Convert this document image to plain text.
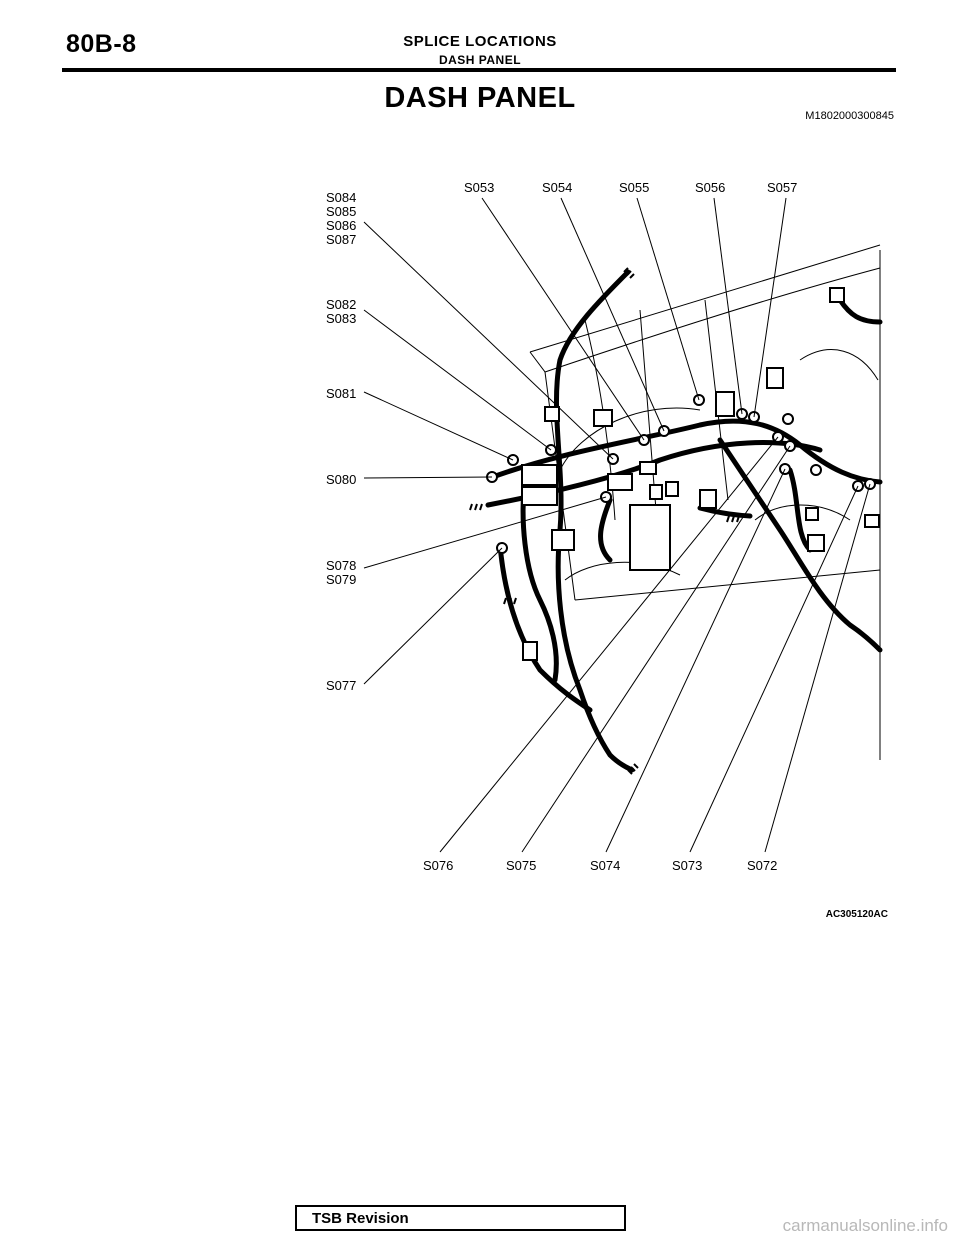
80B-8	SPLICE LOCATIONS
DASH PANEL
DASH PANEL
M1802000300845
S053	S054	S055	S056	S057
S084
S085
S086
S087
S082
S083
S081
S080
S078
S079
S077
S076	S075	S074	S073	S072
AC305120AC
TSB Revision	carmanualsonline.info
